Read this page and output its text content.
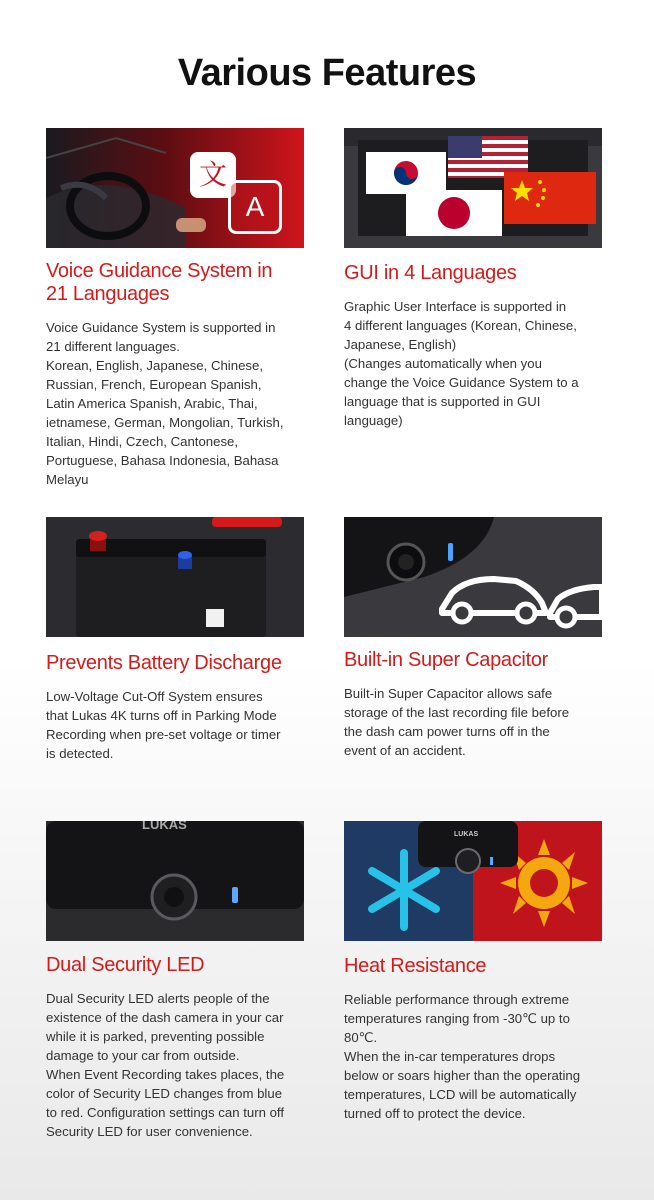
Various Features
文
A
Voice Guidance System in
21 Languages

Voice Guidance System is supported in
21 different languages.
Korean, English, Japanese, Chinese,
Russian, French, European Spanish,
Latin America Spanish, Arabic, Thai,
ietnamese, German, Mongolian, Turkish,
Italian, Hindi, Czech, Cantonese,
Portuguese, Bahasa Indonesia, Bahasa
Melayu

GUI in 4 Languages

Graphic User Interface is supported in
4 different languages (Korean, Chinese,
Japanese, English)
(Changes automatically when you
change the Voice Guidance System to a
language that is supported in GUI
language)

Prevents Battery Discharge

Low-Voltage Cut-Off System ensures
that Lukas 4K turns off in Parking Mode
Recording when pre-set voltage or timer
is detected.

Built-in Super Capacitor

Built-in Super Capacitor allows safe
storage of the last recording file before
the dash cam power turns off in the
event of an accident.

LUKAS
Dual Security LED

Dual Security LED alerts people of the
existence of the dash camera in your car
while it is parked, preventing possible
damage to your car from outside.
When Event Recording takes places, the
color of Security LED changes from blue
to red. Configuration settings can turn off
Security LED for user convenience.

LUKAS
Heat Resistance

Reliable performance through extreme
temperatures ranging from -30℃ up to
80℃.
When the in-car temperatures drops
below or soars higher than the operating
temperatures, LCD will be automatically
turned off to protect the device.
